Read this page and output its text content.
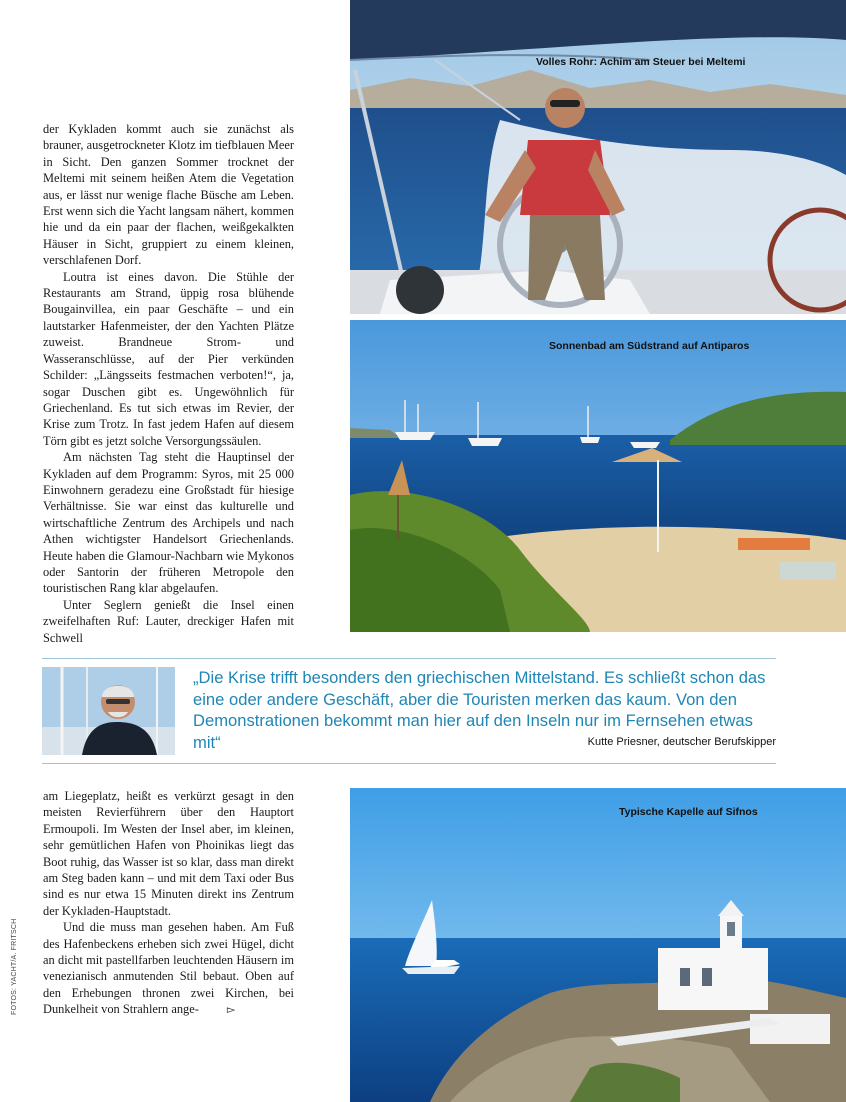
der Kykladen kommt auch sie zunächst als brauner, ausgetrockneter Klotz im tiefblauen Meer in Sicht. Den ganzen Sommer trocknet der Meltemi mit seinem heißen Atem die Vegetation aus, er lässt nur wenige flache Büsche am Leben. Erst wenn sich die Yacht langsam nähert, kommen hie und da ein paar der flachen, weißgekalkten Häuser in Sicht, gruppiert zu einem kleinen, verschlafenen Dorf.

Loutra ist eines davon. Die Stühle der Restaurants am Strand, üppig rosa blühende Bougainvillea, ein paar Geschäfte – und ein lautstarker Hafenmeister, der den Yachten Plätze zuweist. Brandneue Strom- und Wasseranschlüsse, auf der Pier verkünden Schilder: „Längsseits festmachen verboten!“, ja, sogar Duschen gibt es. Ungewöhnlich für Griechenland. Es tut sich etwas im Revier, der Krise zum Trotz. In fast jedem Hafen auf diesem Törn gibt es jetzt solche Versorgungssäulen.

Am nächsten Tag steht die Hauptinsel der Kykladen auf dem Programm: Syros, mit 25 000 Einwohnern geradezu eine Großstadt für hiesige Verhältnisse. Sie war einst das kulturelle und wirtschaftliche Zentrum des Archipels und nach Athen wichtigster Handelsort Griechenlands. Heute haben die Glamour-Nachbarn wie Mykonos oder Santorin der früheren Metropole den touristischen Rang klar abgelaufen.

Unter Seglern genießt die Insel einen zweifelhaften Ruf: Lauter, dreckiger Hafen mit Schwell

Volles Rohr: Achim am Steuer bei Meltemi
Sonnenbad am Südstrand auf Antiparos
„Die Krise trifft besonders den griechischen Mittelstand. Es schließt schon das eine oder andere Geschäft, aber die Touristen merken das kaum. Von den Demonstrationen bekommt man hier auf den Inseln nur im Fernsehen etwas mit“	Kutte Priesner, deutscher Berufskipper

am Liegeplatz, heißt es verkürzt gesagt in den meisten Revierführern über den Hauptort Ermoupoli. Im Westen der Insel aber, im kleinen, sehr gemütlichen Hafen von Phoinikas liegt das Boot ruhig, das Wasser ist so klar, dass man direkt am Steg baden kann – und mit dem Taxi oder Bus sind es nur etwa 15 Minuten direkt ins Zentrum der Kykladen-Hauptstadt.

Und die muss man gesehen haben. Am Fuß des Hafenbeckens erheben sich zwei Hügel, dicht an dicht mit pastellfarben leuchtenden Häusern im venezianisch anmutenden Stil bebaut. Oben auf den Erhebungen thronen zwei Kirchen, bei Dunkelheit von Strahlern ange-	▻

Typische Kapelle auf Sifnos
FOTOS: YACHT/A. FRITSCH
